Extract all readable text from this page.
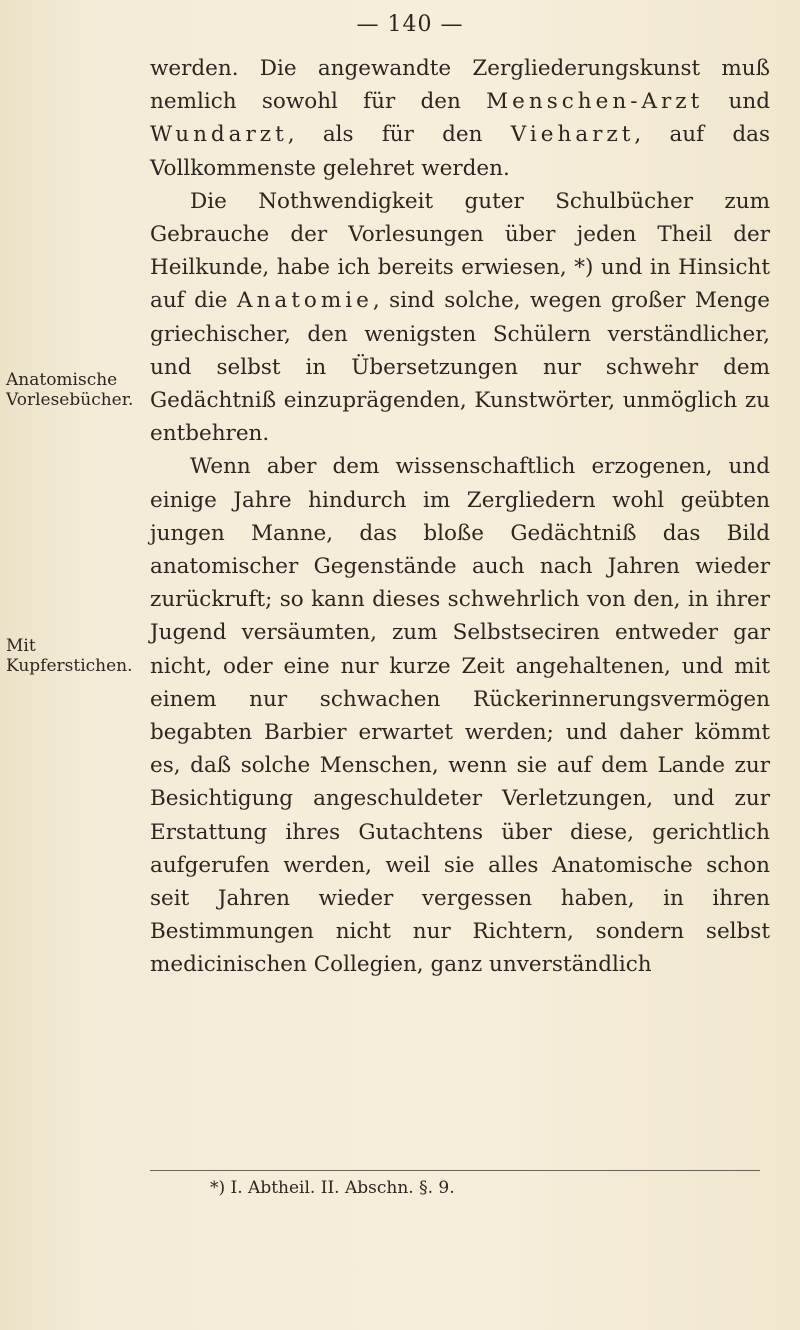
— 140 —
Anatomische Vorlesebücher.
Mit Kupferstichen.

werden. Die angewandte Zergliederungskunst muß nemlich sowohl für den Menschen-Arzt und Wundarzt, als für den Vieharzt, auf das Vollkommenste gelehret werden.

Die Nothwendigkeit guter Schulbücher zum Gebrauche der Vorlesungen über jeden Theil der Heilkunde, habe ich bereits erwiesen, *) und in Hinsicht auf die Anatomie, sind solche, wegen großer Menge griechischer, den wenigsten Schülern verständlicher, und selbst in Übersetzungen nur schwehr dem Gedächtniß einzuprägenden, Kunstwörter, unmöglich zu entbehren.

Wenn aber dem wissenschaftlich erzogenen, und einige Jahre hindurch im Zergliedern wohl geübten jungen Manne, das bloße Gedächtniß das Bild anatomischer Gegenstände auch nach Jahren wieder zurückruft; so kann dieses schwehrlich von den, in ihrer Jugend versäumten, zum Selbstseciren entweder gar nicht, oder eine nur kurze Zeit angehaltenen, und mit einem nur schwachen Rückerinnerungsvermögen begabten Barbier erwartet werden; und daher kömmt es, daß solche Menschen, wenn sie auf dem Lande zur Besichtigung angeschuldeter Verletzungen, und zur Erstattung ihres Gutachtens über diese, gerichtlich aufgerufen werden, weil sie alles Anatomische schon seit Jahren wieder vergessen haben, in ihren Bestimmungen nicht nur Richtern, sondern selbst medicinischen Collegien, ganz unverständlich

*) I. Abtheil. II. Abschn. §. 9.
